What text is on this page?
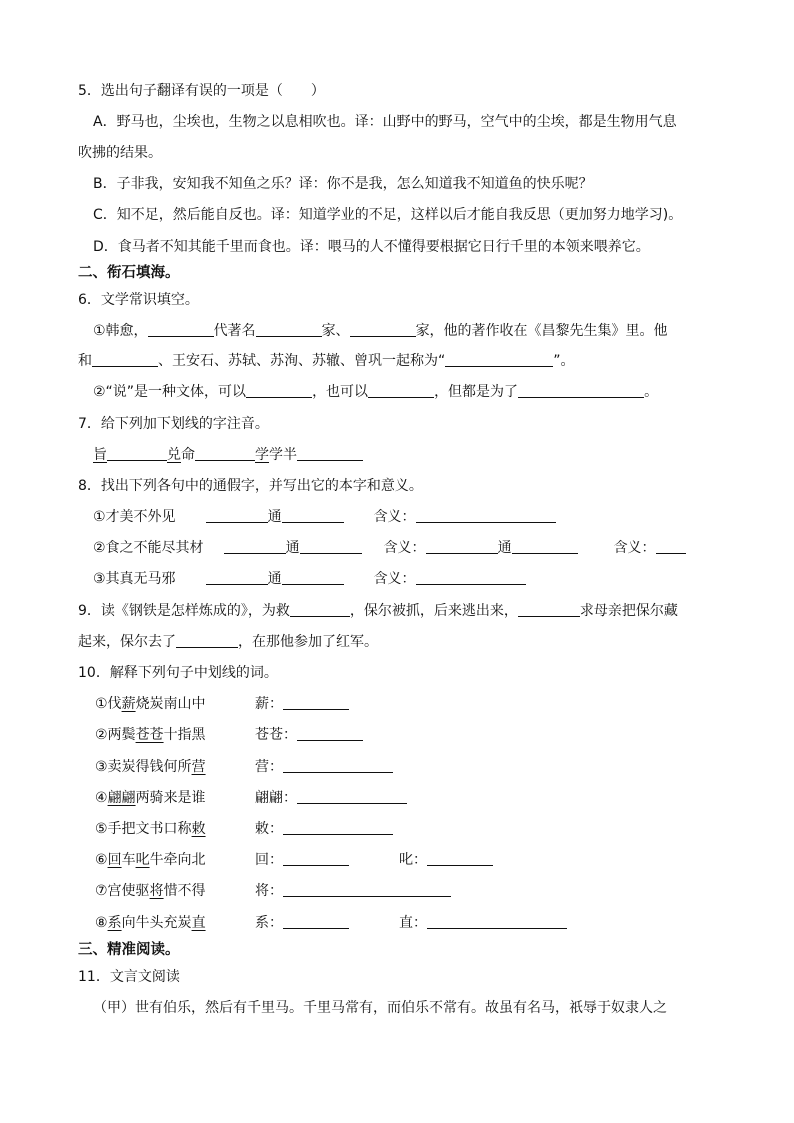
5．选出句子翻译有误的一项是（　　）
A．野马也，尘埃也，生物之以息相吹也。译：山野中的野马，空气中的尘埃，都是生物用气息
吹拂的结果。
B．子非我，安知我不知鱼之乐？译：你不是我，怎么知道我不知道鱼的快乐呢？
C．知不足，然后能自反也。译：知道学业的不足，这样以后才能自我反思（更加努力地学习)。
D．食马者不知其能千里而食也。译：喂马的人不懂得要根据它日行千里的本领来喂养它。
二、衔石填海。
6．文学常识填空。
①韩愈，	代著名	家、	家，他的著作收在《昌黎先生集》里。他
和	、王安石、苏轼、苏洵、苏辙、曾巩一起称为“	”。
②“说”是一种文体，可以	，也可以	，但都是为了	。
7．给下列加下划线的字注音。
旨	兑命	学学半
8．找出下列各句中的通假字，并写出它的本字和意义。
①才美不外见	通	含义：
②食之不能尽其材	通	含义：	通	含义：
③其真无马邪	通	含义：
9．读《钢铁是怎样炼成的》，为救	，保尔被抓，后来逃出来，	求母亲把保尔藏
起来，保尔去了	，在那他参加了红军。
10．解释下列句子中划线的词。
①伐薪烧炭南山中	薪：
②两鬓苍苍十指黑	苍苍：
③卖炭得钱何所营	营：
④翩翩两骑来是谁	翩翩：
⑤手把文书口称敕	敕：
⑥回车叱牛牵向北	回：	叱：
⑦宫使驱将惜不得	将：
⑧系向牛头充炭直	系：	直：
三、精准阅读。
11．文言文阅读
（甲）世有伯乐，然后有千里马。千里马常有，而伯乐不常有。故虽有名马，祇辱于奴隶人之
